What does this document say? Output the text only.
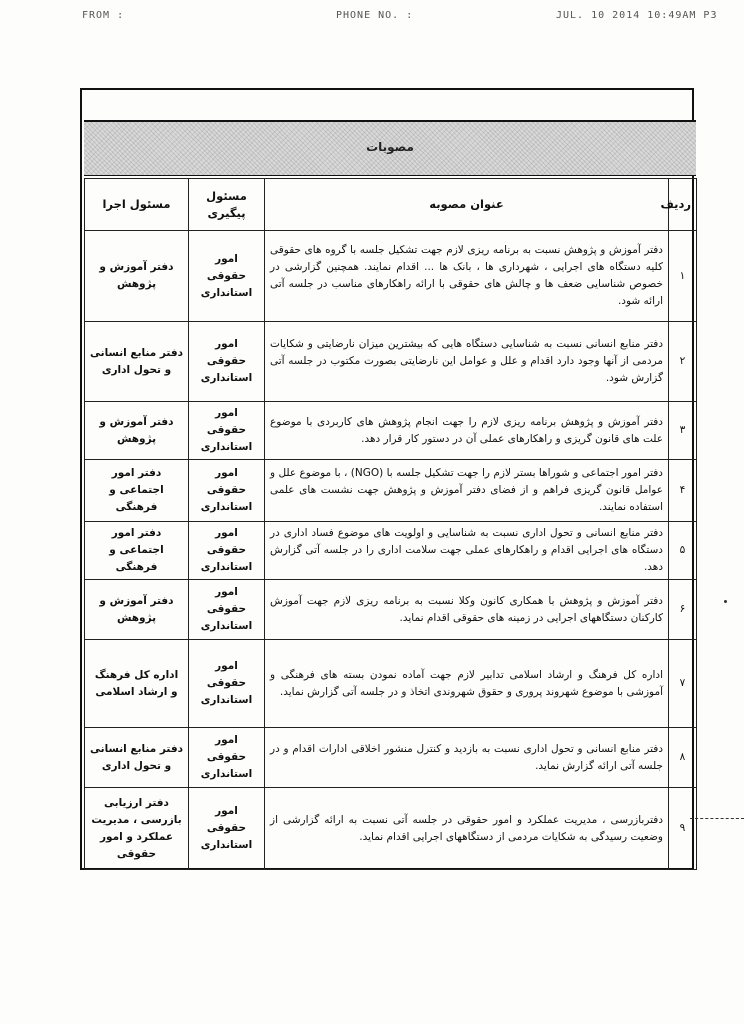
FROM :	PHONE NO. :	JUL. 10 2014 10:49AM P3
مصوبات
ردیف	عنوان مصوبه	مسئول پیگیری	مسئول اجرا
۱	دفتر آموزش و پژوهش نسبت به برنامه ریزی لازم جهت تشکیل جلسه با گروه های حقوقی کلیه دستگاه های اجرایی ، شهرداری ها ، بانک ها ... اقدام نمایند. همچنین گزارشی در خصوص شناسایی ضعف ها و چالش های حقوقی با ارائه راهکارهای مناسب در جلسه آتی ارائه شود.	امور حقوقی استانداری	دفتر آموزش و پژوهش
۲	دفتر منابع انسانی نسبت به شناسایی دستگاه هایی که بیشترین میزان نارضایتی و شکایات مردمی از آنها وجود دارد اقدام و علل و عوامل این نارضایتی بصورت مکتوب در جلسه آتی گزارش شود.	امور حقوقی استانداری	دفتر منابع انسانی و تحول اداری
۳	دفتر آموزش و پژوهش برنامه ریزی لازم را جهت انجام پژوهش های کاربردی با موضوع علت های قانون گریزی و راهکارهای عملی آن در دستور کار قرار دهد.	امور حقوقی استانداری	دفتر آموزش و پژوهش
۴	دفتر امور اجتماعی و شوراها بستر لازم را جهت تشکیل جلسه با (NGO) ، با موضوع علل و عوامل قانون گریزی فراهم و از فضای دفتر آموزش و پژوهش جهت نشست های علمی استفاده نمایند.	امور حقوقی استانداری	دفتر امور اجتماعی و فرهنگی
۵	دفتر منابع انسانی و تحول اداری نسبت به شناسایی و اولویت های موضوع فساد اداری در دستگاه های اجرایی اقدام و راهکارهای عملی جهت سلامت اداری را در جلسه آتی گزارش دهد.	امور حقوقی استانداری	دفتر امور اجتماعی و فرهنگی
۶	دفتر آموزش و پژوهش با همکاری کانون وکلا نسبت به برنامه ریزی لازم جهت آموزش کارکنان دستگاههای اجرایی در زمینه های حقوقی اقدام نماید.	امور حقوقی استانداری	دفتر آموزش و پژوهش
۷	اداره کل فرهنگ و ارشاد اسلامی تدابیر لازم جهت آماده نمودن بسته های فرهنگی و آموزشی با موضوع شهروند پروری و حقوق شهروندی اتخاذ و در جلسه آتی گزارش نماید.	امور حقوقی استانداری	اداره کل فرهنگ و ارشاد اسلامی
۸	دفتر منابع انسانی و تحول اداری نسبت به بازدید و کنترل منشور اخلاقی ادارات اقدام و در جلسه آتی ارائه گزارش نماید.	امور حقوقی استانداری	دفتر منابع انسانی و تحول اداری
۹	دفتربازرسی ، مدیریت عملکرد و امور حقوقی در جلسه آتی نسبت به ارائه گزارشی از وضعیت رسیدگی به شکایات مردمی از دستگاههای اجرایی اقدام نماید.	امور حقوقی استانداری	دفتر ارزیابی بازرسی ، مدیریت عملکرد و امور حقوقی
